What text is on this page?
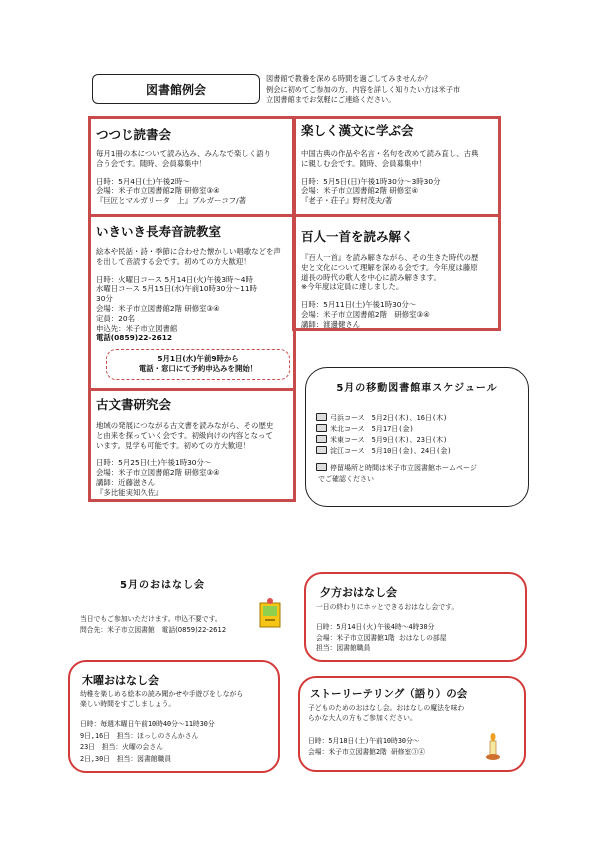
図書館例会
図書館で教養を深める時間を過ごしてみませんか？
例会に初めてご参加の方、内容を詳しく知りたい方は米子市
立図書館までお気軽にご連絡ください。
つつじ読書会
毎月1冊の本について読み込み、みんなで楽しく語り
合う会です。随時、会員募集中！
日時：5月4日(土)午後2時～
会場：米子市立図書館2階 研修室③④
『巨匠とマルガリータ　上』ブルガーコフ/著
楽しく漢文に学ぶ会
中国古典の作品や名言・名句を改めて読み直し、古典
に親しむ会です。随時、会員募集中！
日時：5月5日(日)午後1時30分～3時30分
会場：米子市立図書館2階 研修室④
『老子・荘子』野村茂夫/著
いきいき長寿音読教室
絵本や民話・詩・季節に合わせた懐かしい唱歌などを声
を出して音読する会です。初めての方大歓迎！
日時：火曜日コース 5月14日(火)午後3時～4時
水曜日コース 5月15日(水)午前10時30分～11時
30分
会場：米子市立図書館2階 研修室③④
定員：20名
申込先：米子市立図書館
電話(0859)22-2612
5月1日(水)午前9時から
電話・窓口にて予約申込みを開始！
百人一首を読み解く
『百人一首』を読み解きながら、その生きた時代の歴
史と文化について理解を深める会です。今年度は藤原
道長の時代の歌人を中心に読み解きます。
※今年度は定員に達しました。
日時：5月11日(土)午後1時30分～
会場：米子市立図書館2階　研修室③④
講師：渡邊健さん
古文書研究会
地域の発展につながる古文書を読みながら、その歴史
と由来を探っていく会です。初級向けの内容となって
います。見学も可能です。初めての方大歓迎！
日時：5月25日(土)午後1時30分～
会場：米子市立図書館2階 研修室③④
講師：近藤滋さん
『多比能実知久佐』
5月の移動図書館車スケジュール
弓浜コース　 5月2日(木)、16日(木)
米北コース　 5月17日(金)
米東コース　 5月9日(木)、23日(木)
淀江コース　 5月10日(金)、24日(金)
停留場所と時間は米子市立図書館ホームページ
でご確認ください
5月のおはなし会
当日でもご参加いただけます。申込不要です。
問合先：米子市立図書館　電話(0859)22-2612
夕方おはなし会
一日の終わりにホッとできるおはなし会です。
日時：5月14日(火)午後4時～4時30分
会場：米子市立図書館1階 おはなしの部屋
担当：図書館職員
木曜おはなし会
幼稚を楽しめる絵本の読み聞かせや手遊びをしながら
楽しい時間をすごしましょう。
日時：毎週木曜日午前10時40分～11時30分
9日,16日　担当：ほっしのさんかさん
23日　担当：火曜の会さん
2日,30日　担当：図書館職員
ストーリーテリング（語り）の会
子どものためのおはなし会。おはなしの魔法を味わ
らかな大人の方もご参加ください。
日時：5月18日(土)午前10時30分～
会場：米子市立図書館2階 研修室③④
